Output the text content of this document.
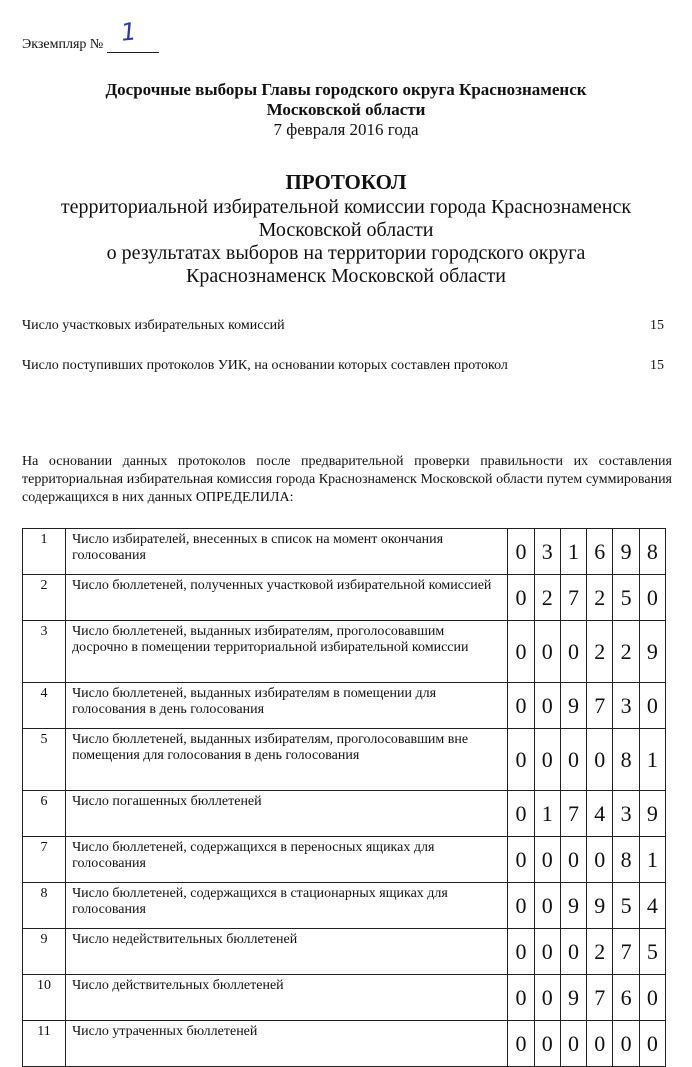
Экземпляр № 1
Досрочные выборы Главы городского округа Краснознаменск
Московской области
7 февраля 2016 года
ПРОТОКОЛ
территориальной избирательной комиссии города Краснознаменск
Московской области
о результатах выборов на территории городского округа
Краснознаменск Московской области
Число участковых избирательных комиссий	15
Число поступивших протоколов УИК, на основании которых составлен протокол	15
На основании данных протоколов после предварительной проверки правильности их составления территориальная избирательная комиссия города Краснознаменск Московской области путем суммирования содержащихся в них данных ОПРЕДЕЛИЛА:
1	Число избирателей, внесенных в список на момент окончания голосования	0	3	1	6	9	8
2	Число бюллетеней, полученных участковой избирательной комиссией	0	2	7	2	5	0
3	Число бюллетеней, выданных избирателям, проголосовавшим досрочно в помещении территориальной избирательной комиссии	0	0	0	2	2	9
4	Число бюллетеней, выданных избирателям в помещении для голосования в день голосования	0	0	9	7	3	0
5	Число бюллетеней, выданных избирателям, проголосовавшим вне помещения для голосования в день голосования	0	0	0	0	8	1
6	Число погашенных бюллетеней	0	1	7	4	3	9
7	Число бюллетеней, содержащихся в переносных ящиках для голосования	0	0	0	0	8	1
8	Число бюллетеней, содержащихся в стационарных ящиках для голосования	0	0	9	9	5	4
9	Число недействительных бюллетеней	0	0	0	2	7	5
10	Число действительных бюллетеней	0	0	9	7	6	0
11	Число утраченных бюллетеней	0	0	0	0	0	0
